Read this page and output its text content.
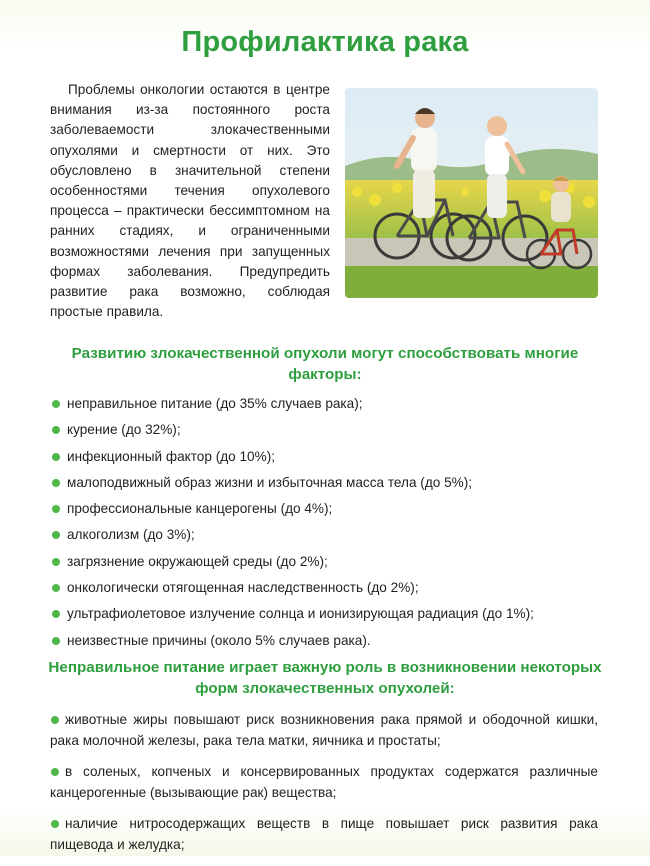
Профилактика рака

Проблемы онкологии остаются в центре внимания из-за постоянного роста заболеваемости злокачественными опухолями и смертности от них. Это обусловлено в значительной степени особенностями течения опухолевого процесса – практически бессимптомном на ранних стадиях, и ограниченными возможностями лечения при запущенных формах заболевания. Предупредить развитие рака возможно, соблюдая простые правила.

Развитию злокачественной опухоли могут способствовать многие факторы:
неправильное питание (до 35% случаев рака);
курение (до 32%);
инфекционный фактор (до 10%);
малоподвижный образ жизни и избыточная масса тела (до 5%);
профессиональные канцерогены (до 4%);
алкоголизм (до 3%);
загрязнение окружающей среды (до 2%);
онкологически отягощенная наследственность (до 2%);
ультрафиолетовое излучение солнца и ионизирующая радиация (до 1%);
неизвестные причины (около 5% случаев рака).
Неправильное питание играет важную роль в возникновении некоторых форм злокачественных опухолей:
животные жиры повышают риск возникновения рака прямой и ободочной кишки, рака молочной железы, рака тела матки, яичника и простаты;
в соленых, копченых и консервированных продуктах содержатся различные канцерогенные (вызывающие рак) вещества;
наличие нитросодержащих веществ в пище повышает риск развития рака пищевода и желудка;
